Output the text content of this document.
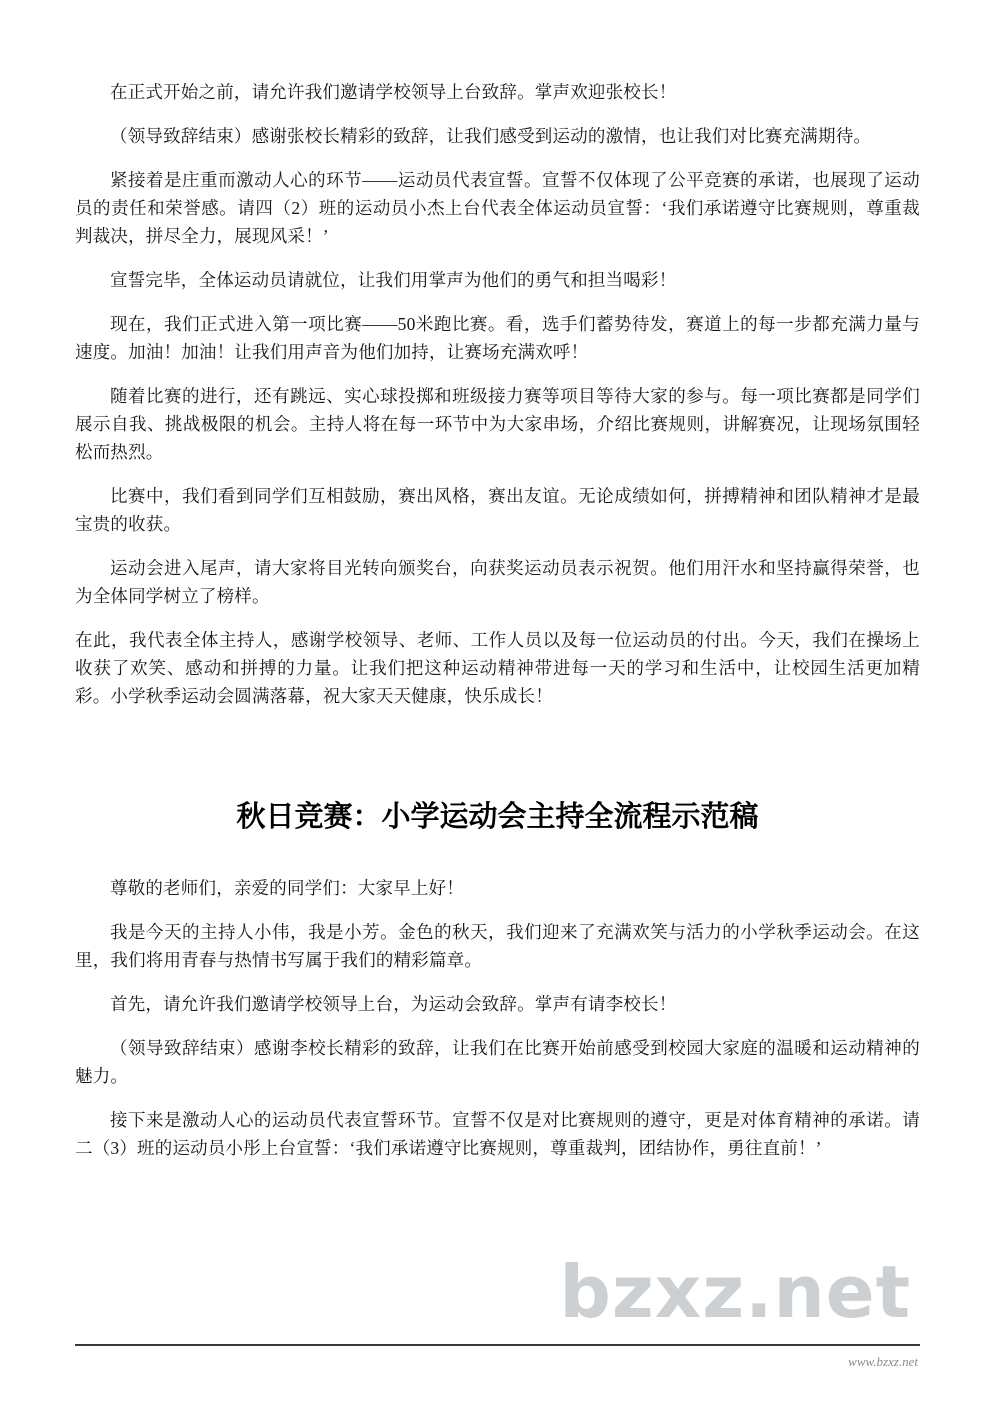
bzxz.net

在正式开始之前，请允许我们邀请学校领导上台致辞。掌声欢迎张校长！

（领导致辞结束）感谢张校长精彩的致辞，让我们感受到运动的激情，也让我们对比赛充满期待。

紧接着是庄重而激动人心的环节——运动员代表宣誓。宣誓不仅体现了公平竞赛的承诺，也展现了运动员的责任和荣誉感。请四（2）班的运动员小杰上台代表全体运动员宣誓：‘我们承诺遵守比赛规则，尊重裁判裁决，拼尽全力，展现风采！’

宣誓完毕，全体运动员请就位，让我们用掌声为他们的勇气和担当喝彩！

现在，我们正式进入第一项比赛——50米跑比赛。看，选手们蓄势待发，赛道上的每一步都充满力量与速度。加油！加油！让我们用声音为他们加持，让赛场充满欢呼！

随着比赛的进行，还有跳远、实心球投掷和班级接力赛等项目等待大家的参与。每一项比赛都是同学们展示自我、挑战极限的机会。主持人将在每一环节中为大家串场，介绍比赛规则，讲解赛况，让现场氛围轻松而热烈。

比赛中，我们看到同学们互相鼓励，赛出风格，赛出友谊。无论成绩如何，拼搏精神和团队精神才是最宝贵的收获。

运动会进入尾声，请大家将目光转向颁奖台，向获奖运动员表示祝贺。他们用汗水和坚持赢得荣誉，也为全体同学树立了榜样。

在此，我代表全体主持人，感谢学校领导、老师、工作人员以及每一位运动员的付出。今天，我们在操场上收获了欢笑、感动和拼搏的力量。让我们把这种运动精神带进每一天的学习和生活中，让校园生活更加精彩。小学秋季运动会圆满落幕，祝大家天天健康，快乐成长！

秋日竞赛：小学运动会主持全流程示范稿

尊敬的老师们，亲爱的同学们：大家早上好！

我是今天的主持人小伟，我是小芳。金色的秋天，我们迎来了充满欢笑与活力的小学秋季运动会。在这里，我们将用青春与热情书写属于我们的精彩篇章。

首先，请允许我们邀请学校领导上台，为运动会致辞。掌声有请李校长！

（领导致辞结束）感谢李校长精彩的致辞，让我们在比赛开始前感受到校园大家庭的温暖和运动精神的魅力。

接下来是激动人心的运动员代表宣誓环节。宣誓不仅是对比赛规则的遵守，更是对体育精神的承诺。请二（3）班的运动员小彤上台宣誓：‘我们承诺遵守比赛规则，尊重裁判，团结协作，勇往直前！’

www.bzxz.net
